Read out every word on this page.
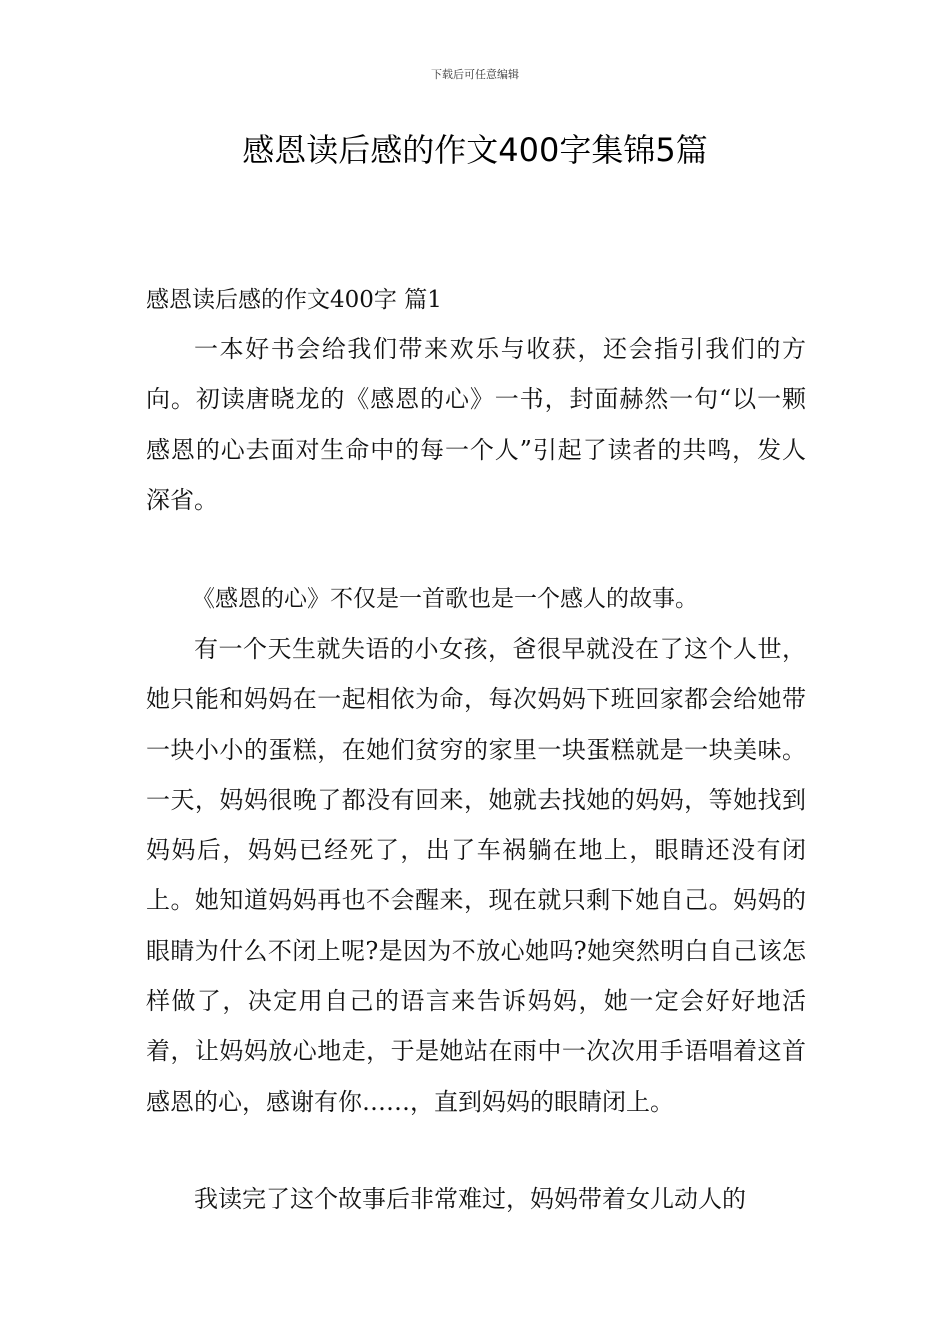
下载后可任意编辑
感恩读后感的作文400字集锦5篇
感恩读后感的作文400字 篇1

一本好书会给我们带来欢乐与收获，还会指引我们的方向。初读唐晓龙的《感恩的心》一书，封面赫然一句“以一颗感恩的心去面对生命中的每一个人”引起了读者的共鸣，发人深省。

《感恩的心》不仅是一首歌也是一个感人的故事。

有一个天生就失语的小女孩，爸很早就没在了这个人世，她只能和妈妈在一起相依为命，每次妈妈下班回家都会给她带一块小小的蛋糕，在她们贫穷的家里一块蛋糕就是一块美味。一天，妈妈很晚了都没有回来，她就去找她的妈妈，等她找到妈妈后，妈妈已经死了，出了车祸躺在地上，眼睛还没有闭上。她知道妈妈再也不会醒来，现在就只剩下她自己。妈妈的眼睛为什么不闭上呢?是因为不放心她吗?她突然明白自己该怎样做了，决定用自己的语言来告诉妈妈，她一定会好好地活着，让妈妈放心地走，于是她站在雨中一次次用手语唱着这首感恩的心，感谢有你……，直到妈妈的眼睛闭上。

我读完了这个故事后非常难过，妈妈带着女儿动人的
